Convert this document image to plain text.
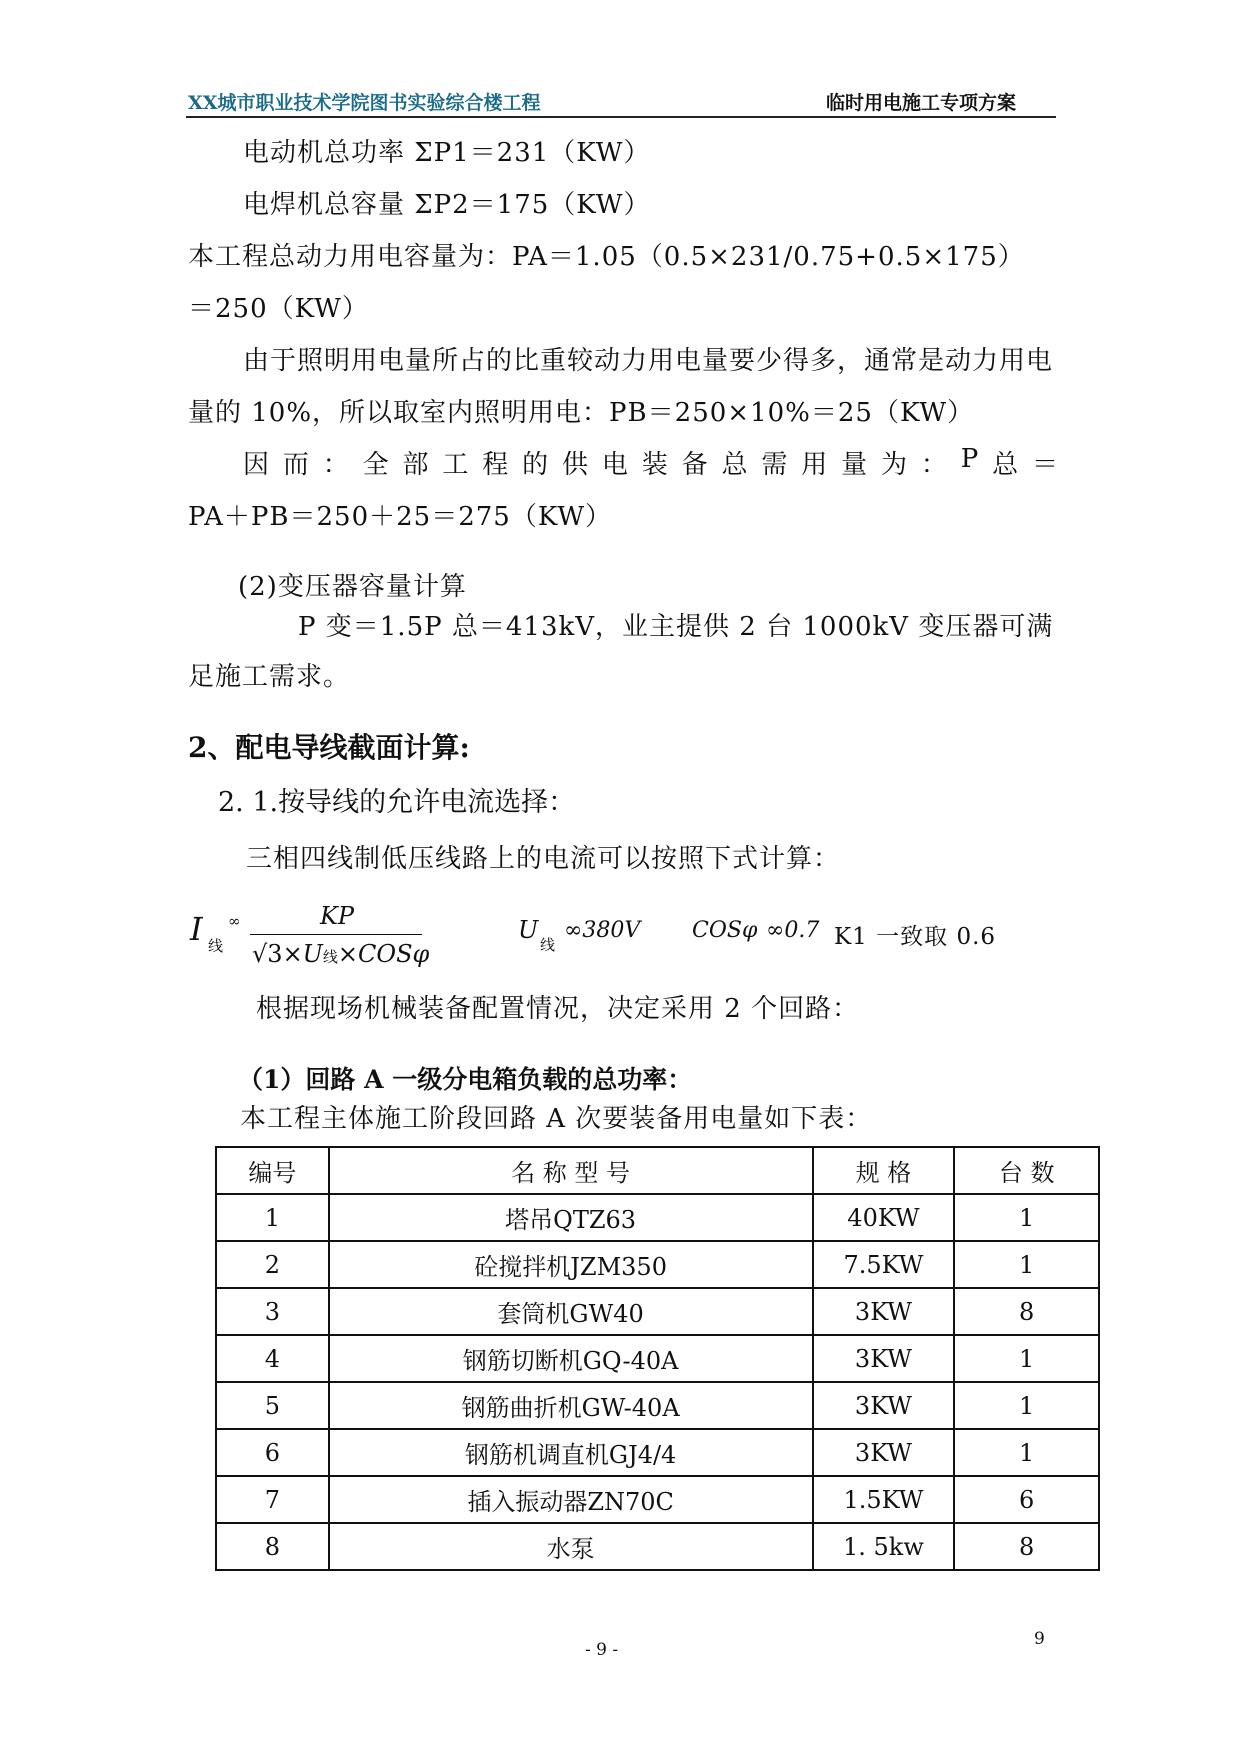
XX城市职业技术学院图书实验综合楼工程	临时用电施工专项方案
电动机总功率 ΣP1＝231（KW）
电焊机总容量 ΣP2＝175（KW）
本工程总动力用电容量为：PA＝1.05（0.5×231/0.75+0.5×175）
＝250（KW）
由于照明用电量所占的比重较动力用电量要少得多，通常是动力用电
量的 10%，所以取室内照明用电：PB＝250×10%＝25（KW）
因 而 ： 全 部 工 程 的 供 电 装 备 总 需 用 量 为 ： P 总 ＝
PA＋PB＝250＋25＝275（KW）
(2)变压器容量计算
P 变＝1.5P 总＝413kV，业主提供 2 台 1000kV 变压器可满
足施工需求。
2、配电导线截面计算:
2. 1.按导线的允许电流选择：
三相四线制低压线路上的电流可以按照下式计算：
I 线
∞	KP
√3×U线×COSφ
U
线
∞380V COSφ ∞0.7 K1 一致取 0.6
根据现场机械装备配置情况，决定采用 2 个回路：
（1）回路 A 一级分电箱负载的总功率：
本工程主体施工阶段回路 A 次要装备用电量如下表：
编号	名 称 型 号	规 格	台 数
1	塔吊QTZ63	40KW	1
2	砼搅拌机JZM350	7.5KW	1
3	套筒机GW40	3KW	8
4	钢筋切断机GQ-40A	3KW	1
5	钢筋曲折机GW-40A	3KW	1
6	钢筋机调直机GJ4/4	3KW	1
7	插入振动器ZN70C	1.5KW	6
8	水泵	1. 5kw	8
- 9 -
9
